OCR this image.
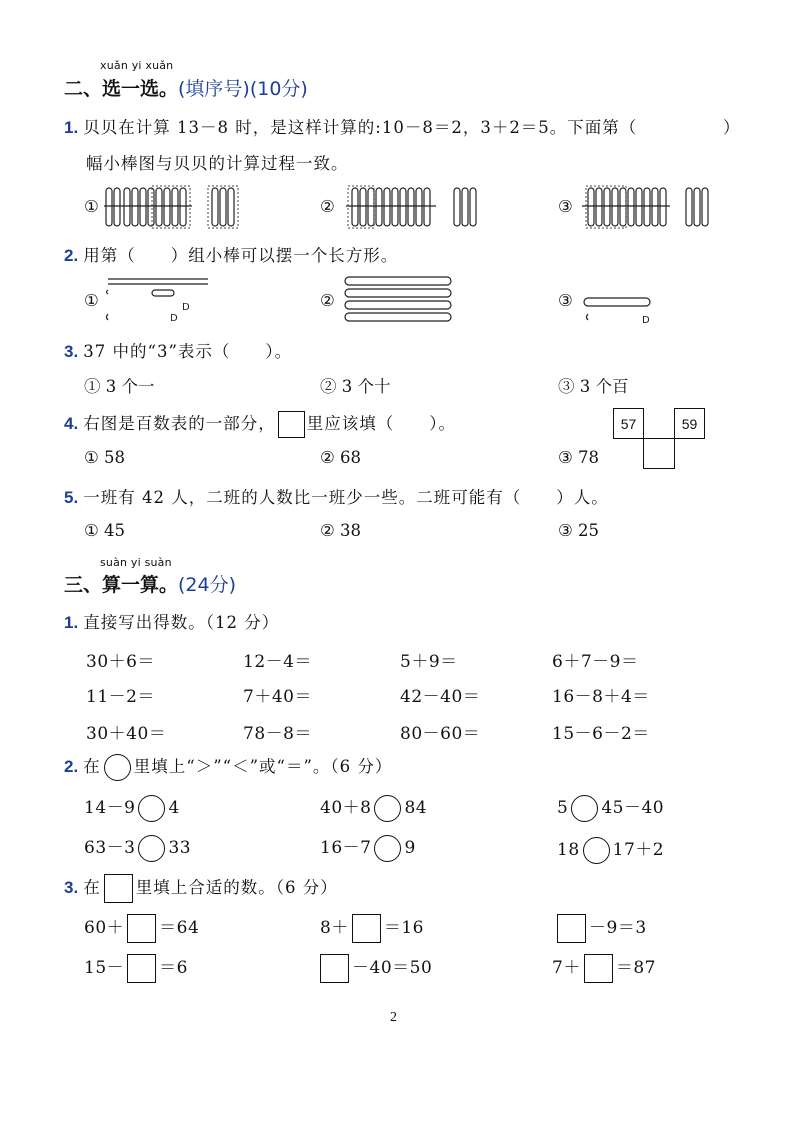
xuǎn yi xuǎn
二、选一选。(填序号)(10分)
1. 贝贝在计算 13－8 时，是这样计算的:10－8＝2，3＋2＝5。下面第（	）
幅小棒图与贝贝的计算过程一致。
①	②	③
2. 用第（　　）组小棒可以摆一个长方形。
①	D
D
②	③
D
3. 37 中的“3”表示（　　）。
① 3 个一	② 3 个十	③ 3 个百
4. 右图是百数表的一部分， 里应该填（　　）。	57	59
① 58	② 68	③ 78
5. 一班有 42 人，二班的人数比一班少一些。二班可能有（　　）人。
① 45	② 38	③ 25
suàn yi suàn
三、算一算。(24分)
1. 直接写出得数。（12 分）
30＋6＝	12－4＝	5＋9＝	6＋7－9＝
11－2＝	7＋40＝	42－40＝	16－8＋4＝
30＋40＝	78－8＝	80－60＝	15－6－2＝
2. 在 里填上“＞”“＜”或“＝”。（6 分）
14－9 4	40＋8 84	5 45－40
63－3 33	16－7 9	18 17＋2
3. 在 里填上合适的数。（6 分）
60＋ ＝64	8＋ ＝16	－9＝3
15－ ＝6	－40＝50	7＋ ＝87
2
